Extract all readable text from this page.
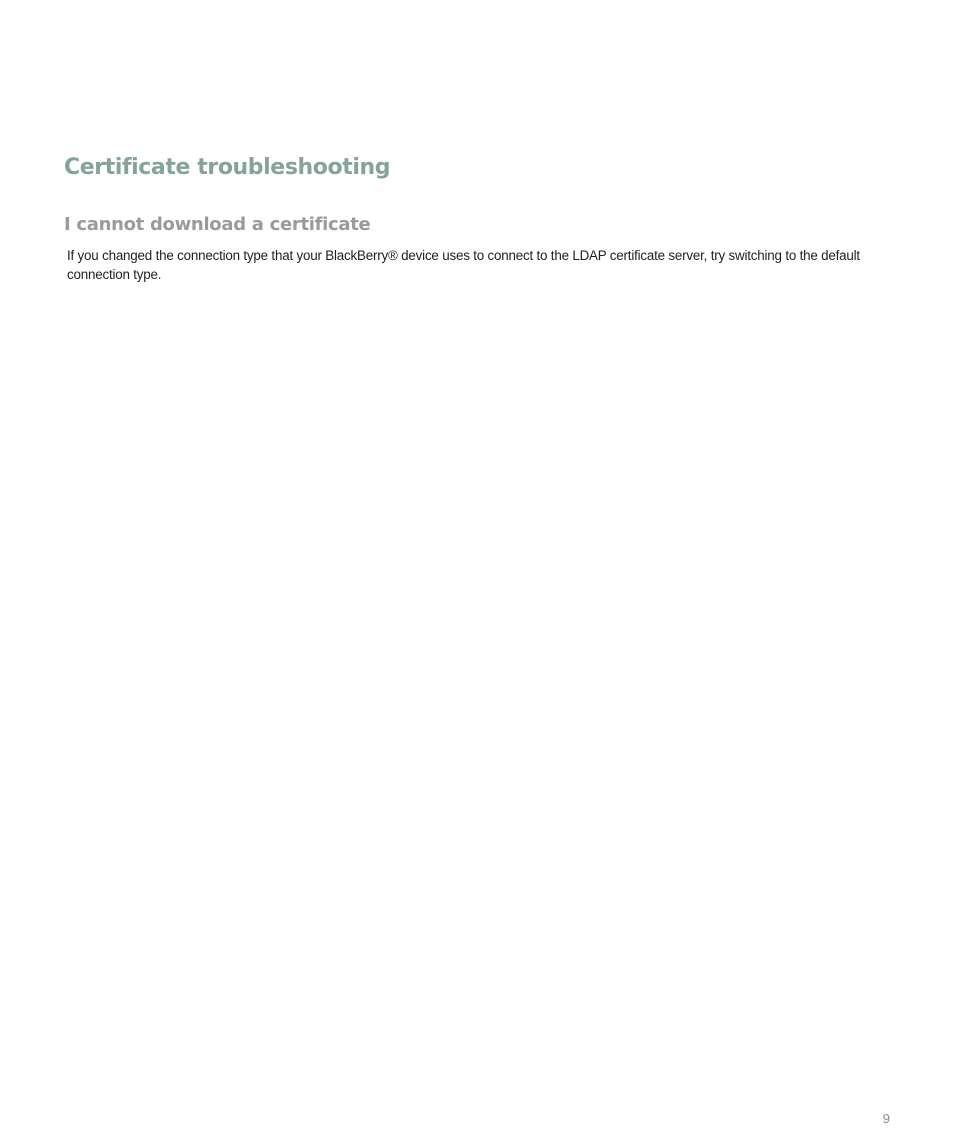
Certificate troubleshooting
I cannot download a certificate

If you changed the connection type that your BlackBerry® device uses to connect to the LDAP certificate server, try switching to the default connection type.

9
